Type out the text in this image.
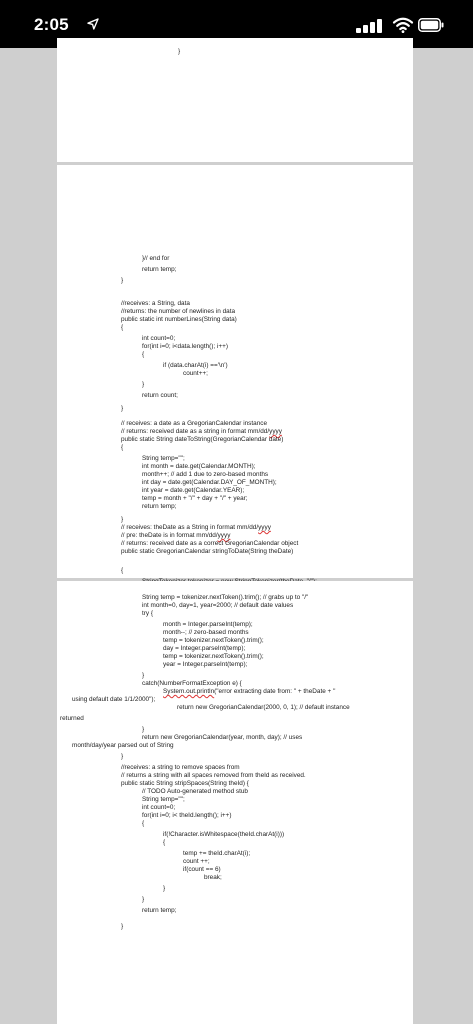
2:05
}
}// end for
return temp;
}
//receives: a String, data
//returns: the number of newlines in data
public static int numberLines(String data)
{
int count=0;
for(int i=0; i<data.length(); i++)
{
if (data.charAt(i) =='\n')
count++;
}
return count;
}
// receives: a date as a GregorianCalendar instance
// returns: received date as a string in format mm/dd/yyyy
public static String dateToString(GregorianCalendar date)
{
String temp="";
int month = date.get(Calendar.MONTH);
month++; // add 1 due to zero-based months
int day = date.get(Calendar.DAY_OF_MONTH);
int year = date.get(Calendar.YEAR);
temp = month + "/" + day + "/" + year;
return temp;
}
// receives: theDate as a String in format mm/dd/yyyy
// pre: theDate is in format mm/dd/yyyy
// returns: received date as a correct GregorianCalendar object
public static GregorianCalendar stringToDate(String theDate)
{
String temp = tokenizer.nextToken().trim(); // grabs up to "/"
int month=0, day=1, year=2000; // default date values
try {
month = Integer.parseInt(temp);
month--; // zero-based months
temp = tokenizer.nextToken().trim();
day = Integer.parseInt(temp);
temp = tokenizer.nextToken().trim();
year = Integer.parseInt(temp);
}
catch(NumberFormatException e) {
System.out.println("error extracting date from: " + theDate + "
using default date 1/1/2000");
return new GregorianCalendar(2000, 0, 1); // default instance
returned
}
return new GregorianCalendar(year, month, day); // uses
month/day/year parsed out of String
}
//receives: a string to remove spaces from
// returns a string with all spaces removed from theId as received.
public static String stripSpaces(String theId) {
// TODO Auto-generated method stub
String temp="";
int count=0;
for(int i=0; i< theId.length(); i++)
{
if(!Character.isWhitespace(theId.charAt(i)))
{
temp += theId.charAt(i);
count ++;
if(count == 6)
break;
}
}
return temp;
}
